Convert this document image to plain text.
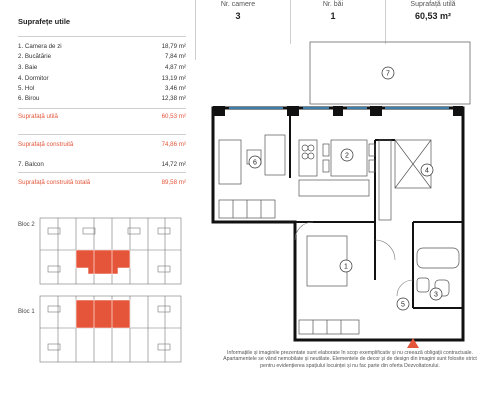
Nr. camere
3
Nr. băi
1
Suprafață utilă
60,53 m²
Suprafețe utile
1. Camera de zi	18,79 m²
2. Bucătărie	7,84 m²
3. Baie	4,87 m²
4. Dormitor	13,19 m²
5. Hol	3,46 m²
6. Birou	12,38 m²
Suprafață utilă	60,53 m²
Suprafață construită	74,86 m²
7. Balcon	14,72 m²
Suprafață construită totală	89,58 m²
Bloc 2
Bloc 1
7
6
2
4
1
5
3
Informațiile și imaginile prezentate sunt elaborate în scop exemplificativ și nu creează obligații contractuale.
Apartamentele se vând nemobilate și neutilate. Elementele de decor și de design din imagini sunt folosite strict
pentru evidențierea spațiului locuinței și nu fac parte din oferta Dezvoltatorului.
